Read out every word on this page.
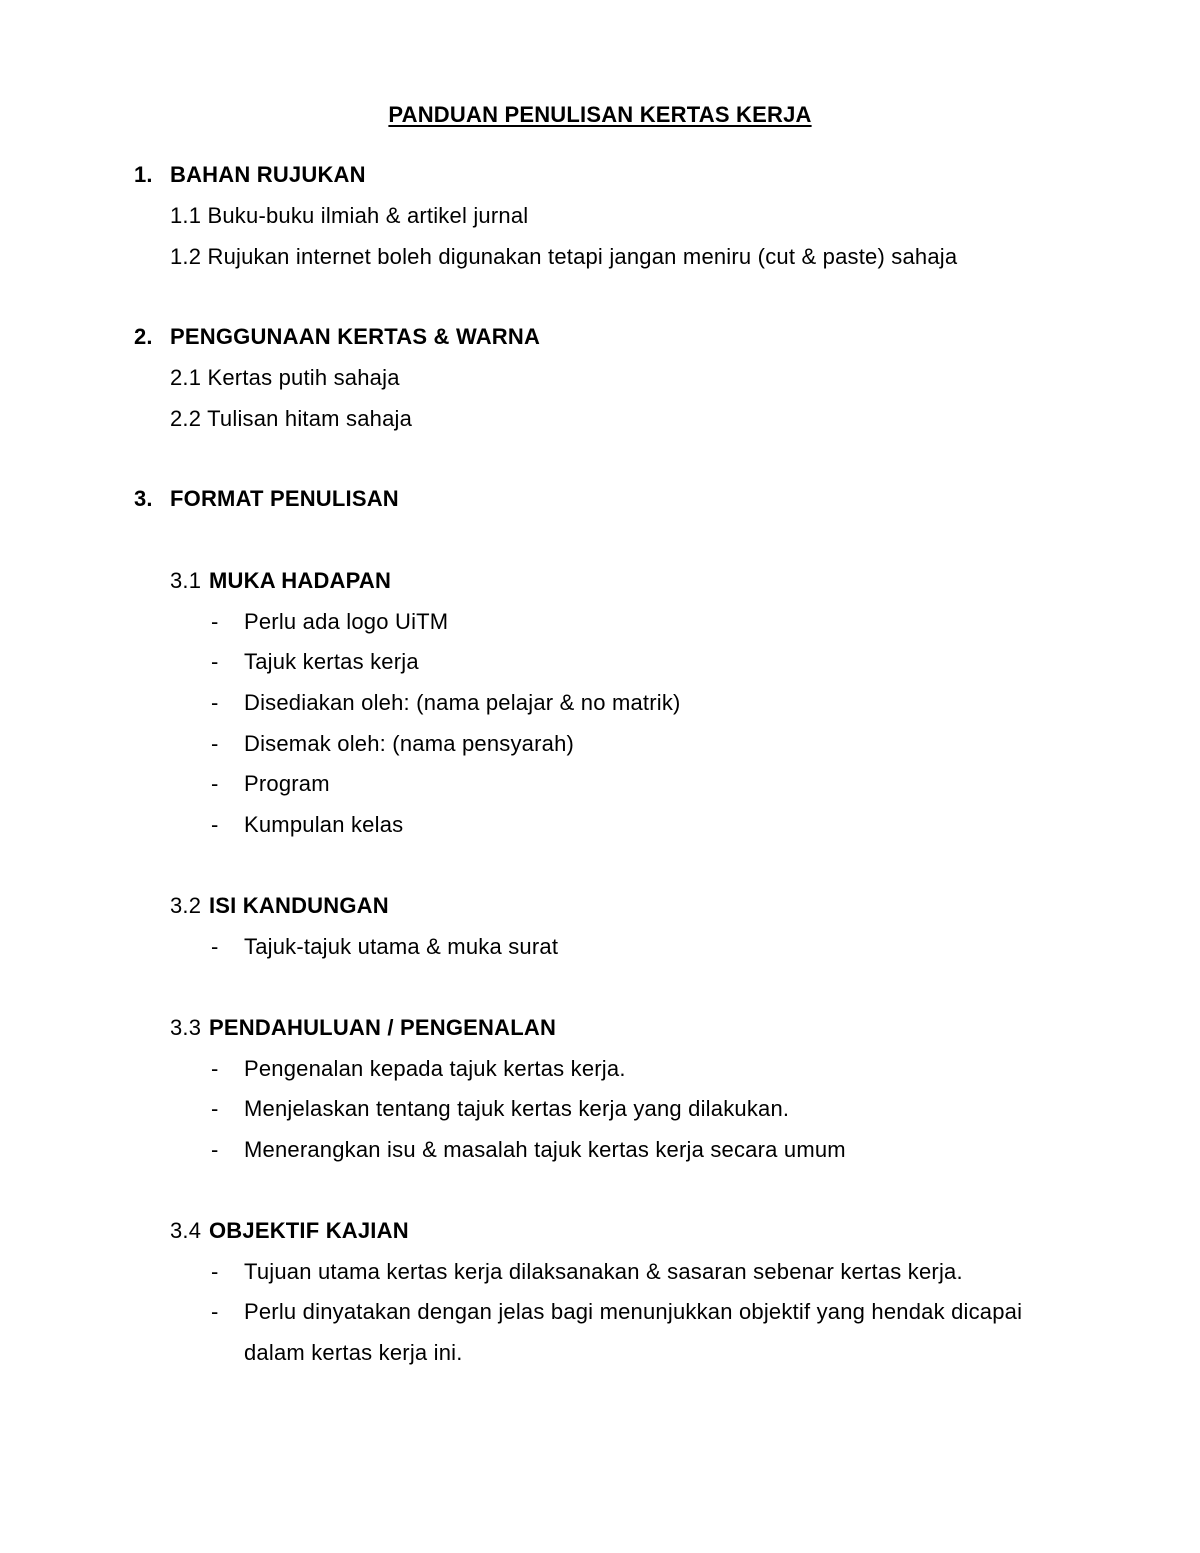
PANDUAN PENULISAN KERTAS KERJA
1. BAHAN RUJUKAN
1.1 Buku-buku ilmiah & artikel jurnal
1.2 Rujukan internet boleh digunakan tetapi jangan meniru (cut & paste) sahaja
2. PENGGUNAAN KERTAS & WARNA
2.1 Kertas putih sahaja
2.2 Tulisan hitam sahaja
3. FORMAT PENULISAN
3.1 MUKA HADAPAN
- Perlu ada logo UiTM
- Tajuk kertas kerja
- Disediakan oleh: (nama pelajar & no matrik)
- Disemak oleh: (nama pensyarah)
- Program
- Kumpulan kelas
3.2 ISI KANDUNGAN
- Tajuk-tajuk utama & muka surat
3.3 PENDAHULUAN / PENGENALAN
- Pengenalan kepada tajuk kertas kerja.
- Menjelaskan tentang tajuk kertas kerja yang dilakukan.
- Menerangkan isu & masalah tajuk kertas kerja secara umum
3.4 OBJEKTIF KAJIAN
- Tujuan utama kertas kerja dilaksanakan & sasaran sebenar kertas kerja.
- Perlu dinyatakan dengan jelas bagi menunjukkan objektif yang hendak dicapai
dalam kertas kerja ini.
